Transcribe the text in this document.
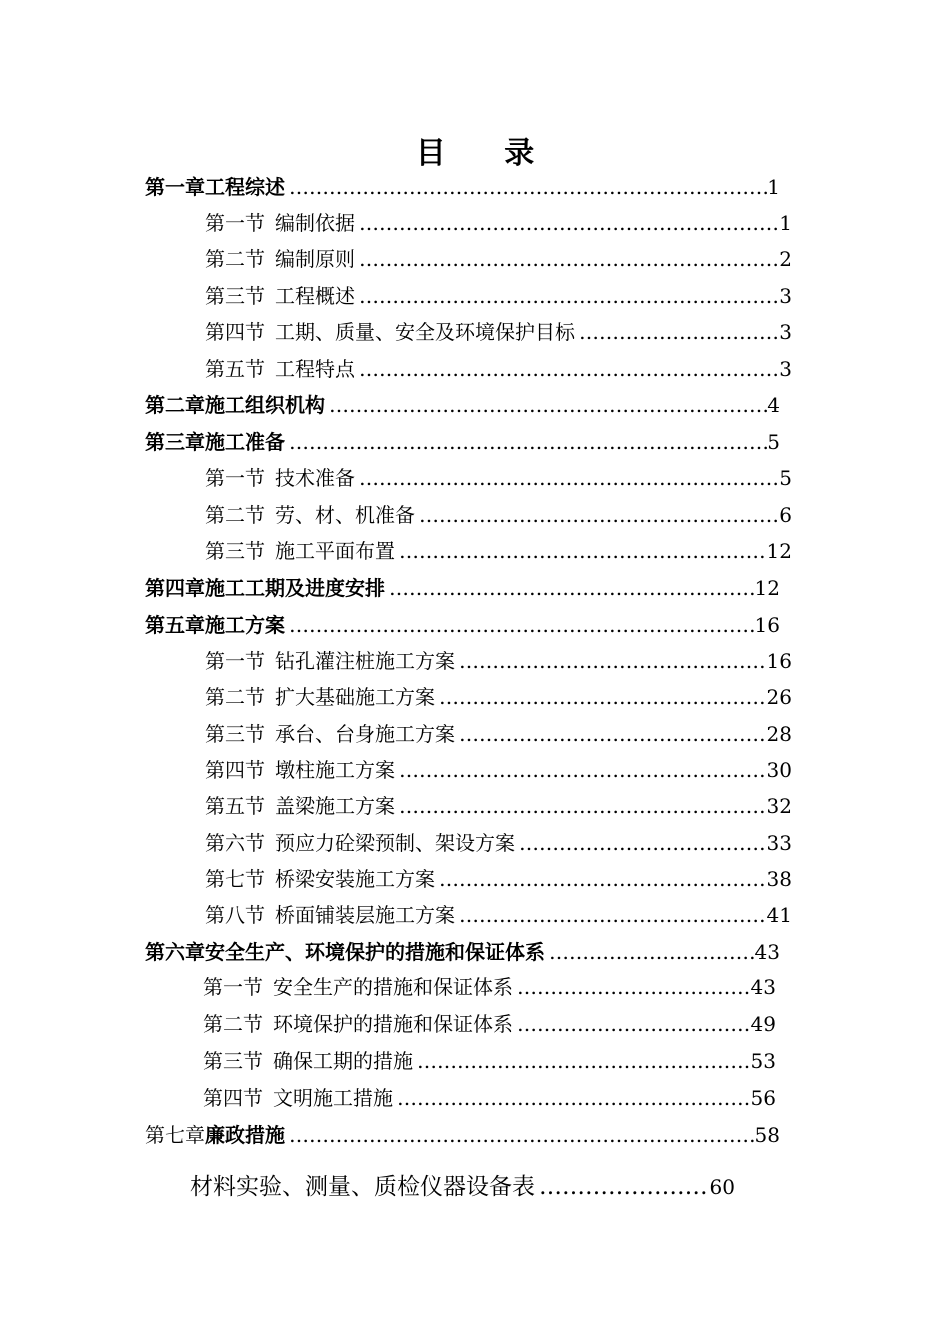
目 录
第一章 工程综述 ……………………………………………………………………………………………………………………………	1
第一节 编制依据 ……………………………………………………………………………………………………………………………	1
第二节 编制原则 ……………………………………………………………………………………………………………………………	2
第三节 工程概述 ……………………………………………………………………………………………………………………………	3
第四节 工期、质量、安全及环境保护目标 ……………………………………………………………………………………………………………………………	3
第五节 工程特点 ……………………………………………………………………………………………………………………………	3
第二章 施工组织机构 ……………………………………………………………………………………………………………………………	4
第三章 施工准备 ……………………………………………………………………………………………………………………………	5
第一节 技术准备 ……………………………………………………………………………………………………………………………	5
第二节 劳、材、机准备 ……………………………………………………………………………………………………………………………	6
第三节 施工平面布置 ……………………………………………………………………………………………………………………………	12
第四章 施工工期及进度安排 ……………………………………………………………………………………………………………………………	12
第五章 施工方案 ……………………………………………………………………………………………………………………………	16
第一节 钻孔灌注桩施工方案 ……………………………………………………………………………………………………………………………	16
第二节 扩大基础施工方案 ……………………………………………………………………………………………………………………………	26
第三节 承台、台身施工方案 ……………………………………………………………………………………………………………………………	28
第四节 墩柱施工方案 ……………………………………………………………………………………………………………………………	30
第五节 盖梁施工方案 ……………………………………………………………………………………………………………………………	32
第六节 预应力砼梁预制、架设方案 ……………………………………………………………………………………………………………………………	33
第七节 桥梁安装施工方案 ……………………………………………………………………………………………………………………………	38
第八节 桥面铺装层施工方案 ……………………………………………………………………………………………………………………………	41
第六章 安全生产、环境保护的措施和保证体系 ……………………………………………………………………………………………………………………………	43
第一节 安全生产的措施和保证体系 ……………………………………………………………………………………………………………………………	43
第二节 环境保护的措施和保证体系 ……………………………………………………………………………………………………………………………	49
第三节 确保工期的措施 ……………………………………………………………………………………………………………………………	53
第四节 文明施工措施 ……………………………………………………………………………………………………………………………	56
第七章 廉政措施 ……………………………………………………………………………………………………………………………	58
材料实验、测量、质检仪器设备表 ……………………………………………………………………………………………………………………………	60
